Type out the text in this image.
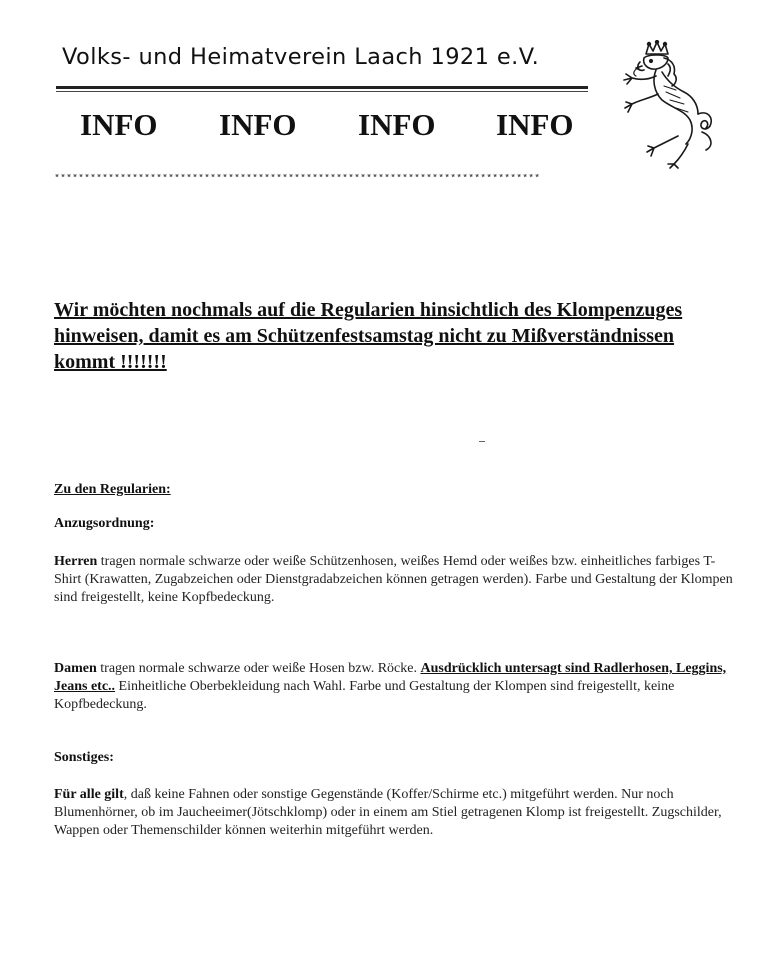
Volks- und Heimatverein Laach 1921 e.V.
INFO INFO INFO INFO
*********************************************************************************
Wir möchten nochmals auf die Regularien hinsichtlich des Klompenzuges hinweisen, damit es am Schützenfestsamstag nicht zu Mißverständnissen kommt !!!!!!!
Zu den Regularien:
Anzugsordnung:
Herren tragen normale schwarze oder weiße Schützenhosen, weißes Hemd oder weißes bzw. einheitliches farbiges T-Shirt (Krawatten, Zugabzeichen oder Dienstgradabzeichen können getragen werden). Farbe und Gestaltung der Klompen sind freigestellt, keine Kopfbedeckung.
Damen tragen normale schwarze oder weiße Hosen bzw. Röcke. Ausdrücklich untersagt sind Radlerhosen, Leggins, Jeans etc.. Einheitliche Oberbekleidung nach Wahl. Farbe und Gestaltung der Klompen sind freigestellt, keine Kopfbedeckung.
Sonstiges:
Für alle gilt, daß keine Fahnen oder sonstige Gegenstände (Koffer/Schirme etc.) mitgeführt werden. Nur noch Blumenhörner, ob im Jaucheeimer(Jötschklomp) oder in einem am Stiel getragenen Klomp ist freigestellt. Zugschilder, Wappen oder Themenschilder können weiterhin mitgeführt werden.
